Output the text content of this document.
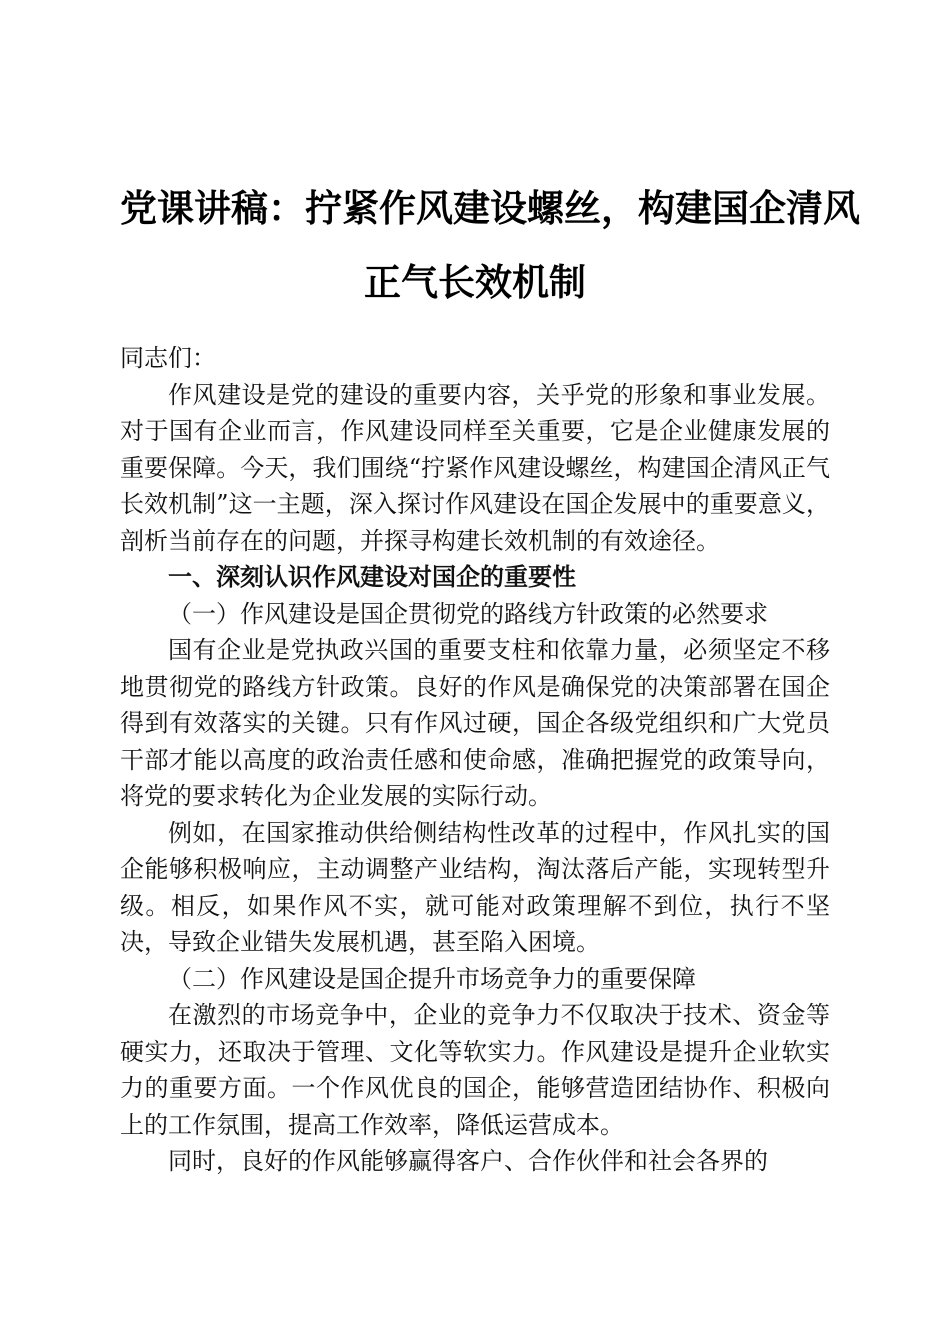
党课讲稿：拧紧作风建设螺丝，构建国企清风
正气长效机制

同志们：

作风建设是党的建设的重要内容，关乎党的形象和事业发展。对于国有企业而言，作风建设同样至关重要，它是企业健康发展的重要保障。今天，我们围绕“拧紧作风建设螺丝，构建国企清风正气长效机制”这一主题，深入探讨作风建设在国企发展中的重要意义，剖析当前存在的问题，并探寻构建长效机制的有效途径。

一、深刻认识作风建设对国企的重要性

（一）作风建设是国企贯彻党的路线方针政策的必然要求

国有企业是党执政兴国的重要支柱和依靠力量，必须坚定不移地贯彻党的路线方针政策。良好的作风是确保党的决策部署在国企得到有效落实的关键。只有作风过硬，国企各级党组织和广大党员干部才能以高度的政治责任感和使命感，准确把握党的政策导向，将党的要求转化为企业发展的实际行动。

例如，在国家推动供给侧结构性改革的过程中，作风扎实的国企能够积极响应，主动调整产业结构，淘汰落后产能，实现转型升级。相反，如果作风不实，就可能对政策理解不到位，执行不坚决，导致企业错失发展机遇，甚至陷入困境。

（二）作风建设是国企提升市场竞争力的重要保障

在激烈的市场竞争中，企业的竞争力不仅取决于技术、资金等硬实力，还取决于管理、文化等软实力。作风建设是提升企业软实力的重要方面。一个作风优良的国企，能够营造团结协作、积极向上的工作氛围，提高工作效率，降低运营成本。

同时，良好的作风能够赢得客户、合作伙伴和社会各界的
